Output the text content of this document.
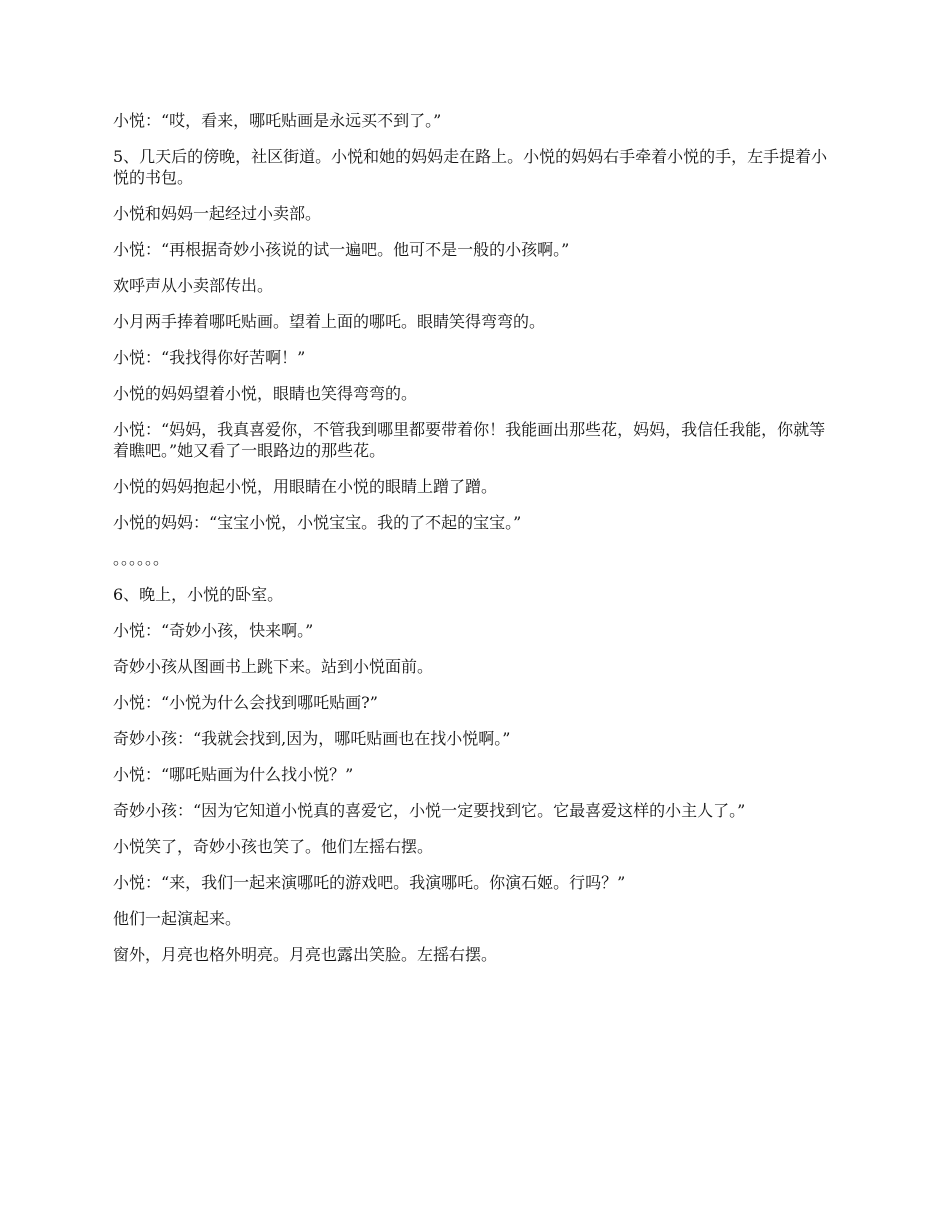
小悦：“哎，看来，哪吒贴画是永远买不到了。”

5、几天后的傍晚，社区街道。小悦和她的妈妈走在路上。小悦的妈妈右手牵着小悦的手，左手提着小悦的书包。

小悦和妈妈一起经过小卖部。

小悦：“再根据奇妙小孩说的试一遍吧。他可不是一般的小孩啊。”

欢呼声从小卖部传出。

小月两手捧着哪吒贴画。望着上面的哪吒。眼睛笑得弯弯的。

小悦：“我找得你好苦啊！”

小悦的妈妈望着小悦，眼睛也笑得弯弯的。

小悦：“妈妈，我真喜爱你，不管我到哪里都要带着你！我能画出那些花，妈妈，我信任我能，你就等着瞧吧。”她又看了一眼路边的那些花。

小悦的妈妈抱起小悦，用眼睛在小悦的眼睛上蹭了蹭。

小悦的妈妈：“宝宝小悦，小悦宝宝。我的了不起的宝宝。”

。。。。。。

6、晚上，小悦的卧室。

小悦：“奇妙小孩，快来啊。”

奇妙小孩从图画书上跳下来。站到小悦面前。

小悦：“小悦为什么会找到哪吒贴画?”

奇妙小孩：“我就会找到,因为，哪吒贴画也在找小悦啊。”

小悦：“哪吒贴画为什么找小悦？”

奇妙小孩：“因为它知道小悦真的喜爱它，小悦一定要找到它。它最喜爱这样的小主人了。”

小悦笑了，奇妙小孩也笑了。他们左摇右摆。

小悦：“来，我们一起来演哪吒的游戏吧。我演哪吒。你演石姬。行吗？”

他们一起演起来。

窗外，月亮也格外明亮。月亮也露出笑脸。左摇右摆。
